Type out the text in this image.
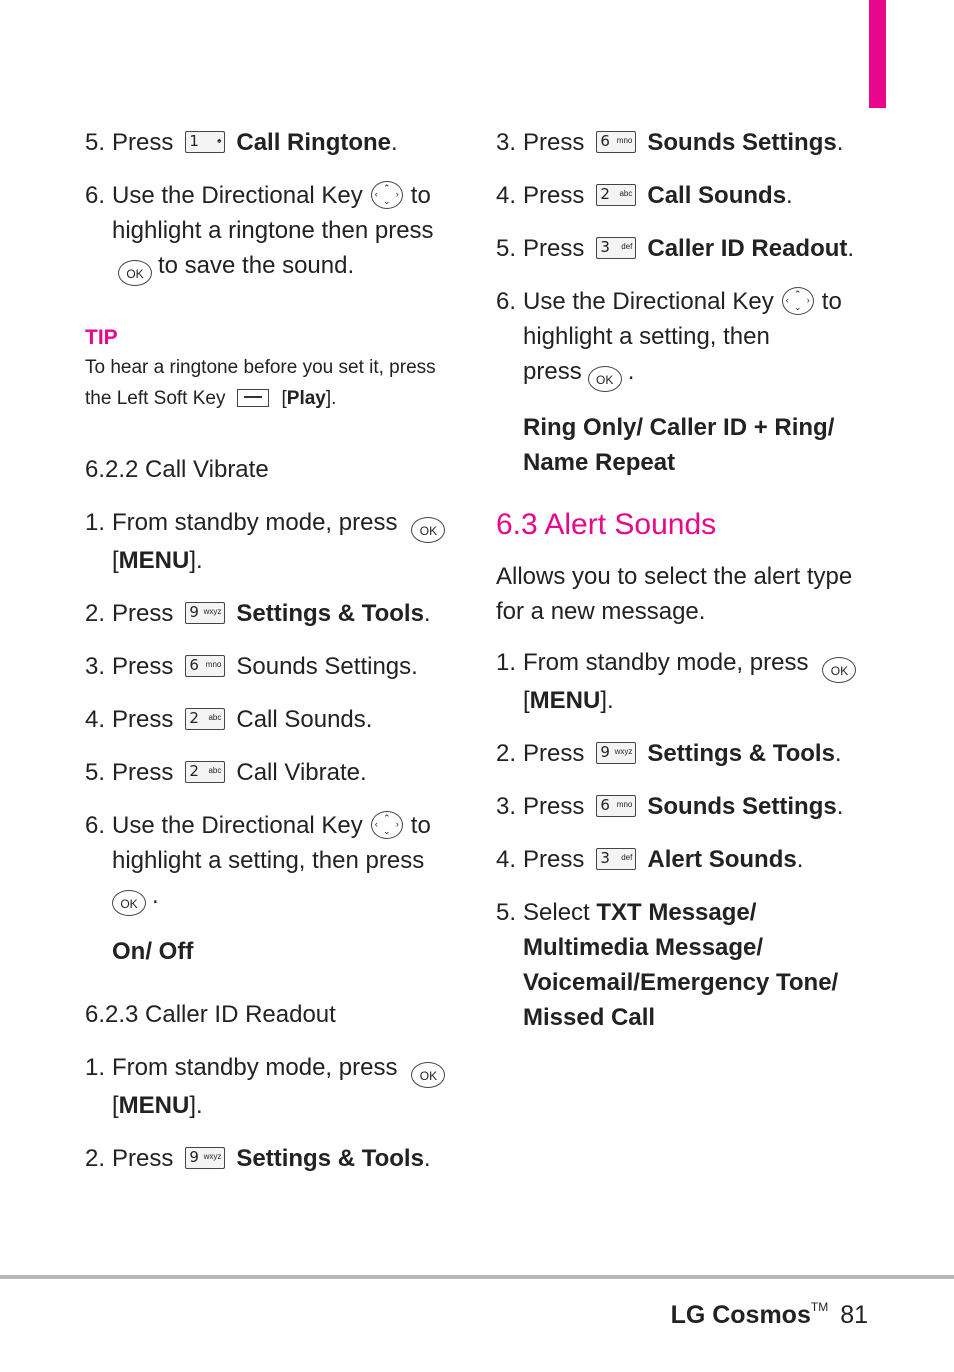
5. Press 1 ♠ Call Ringtone.
6. Use the Directional Key	⌃
‹ ›
⌄ to
highlight a ringtone then press
OK to save the sound.
TIP
To hear a ringtone before you set it, press
the Left Soft Key	[Play].
6.2.2 Call Vibrate
1. From standby mode, press OK
[MENU].
2. Press 9 wxyz Settings & Tools.
3. Press 6 mno Sounds Settings.
4. Press 2 abc Call Sounds.
5. Press 2 abc Call Vibrate.
6. Use the Directional Key	⌃
‹ ›
⌄ to
highlight a setting, then press
OK .
On/ Off
6.2.3 Caller ID Readout
1. From standby mode, press OK
[MENU].
2. Press 9 wxyz Settings & Tools.
3. Press 6 mno Sounds Settings.
4. Press 2 abc Call Sounds.
5. Press 3 def Caller ID Readout.
6. Use the Directional Key	⌃
‹ ›
⌄ to
highlight a setting, then
press OK .
Ring Only/ Caller ID + Ring/
Name Repeat
6.3 Alert Sounds
Allows you to select the alert type
for a new message.
1. From standby mode, press OK
[MENU].
2. Press 9 wxyz Settings & Tools.
3. Press 6 mno Sounds Settings.
4. Press 3 def Alert Sounds.
5. Select TXT Message/
Multimedia Message/
Voicemail/Emergency Tone/
Missed Call
LG Cosmos™ 81
